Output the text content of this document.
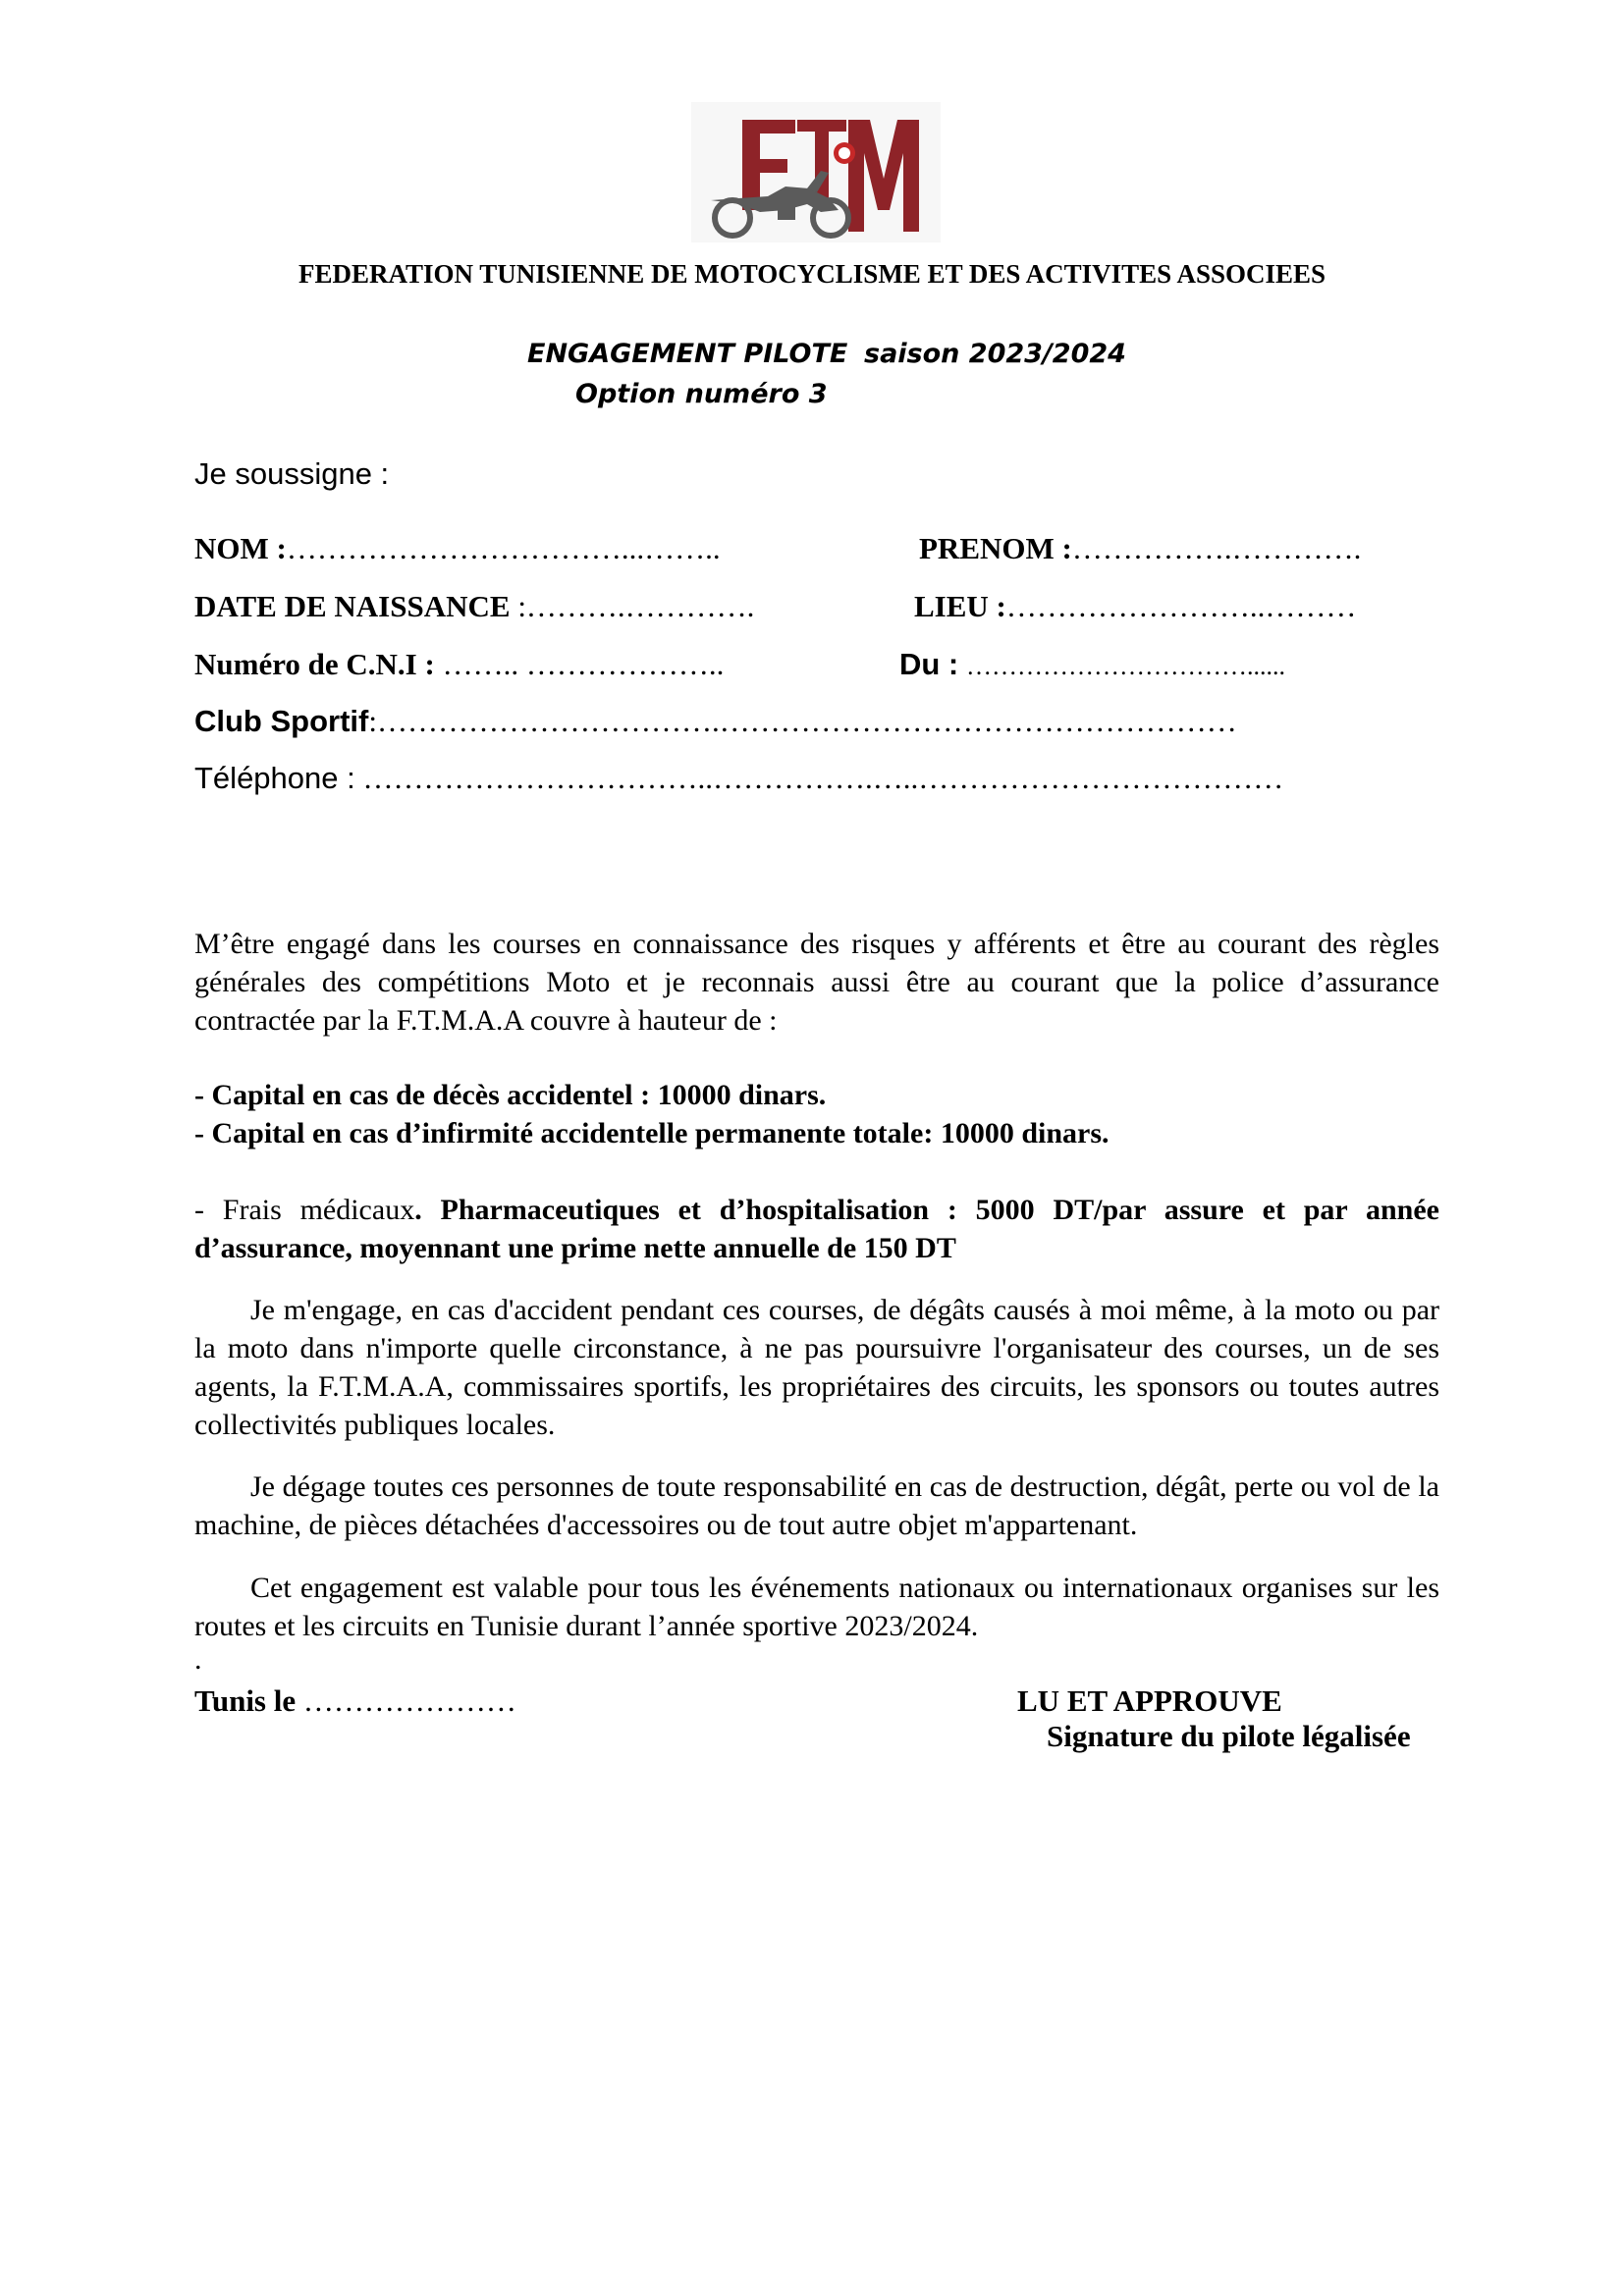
FEDERATION TUNISIENNE DE MOTOCYCLISME ET DES ACTIVITES ASSOCIEES
ENGAGEMENT PILOTE saison 2023/2024
Option numéro 3
Je soussigne :
NOM :……………………………...……..	PRENOM :…………….………….
DATE DE NAISSANCE :……….………….	LIEU :……………………..………
Numéro de C.N.I : …….. ………………..	Du : ……………………………......
Club Sportif:…………………………….……………………………………………
Téléphone : ……………………………..…………….…..………………………………

M’être engagé dans les courses en connaissance des risques y afférents et être au courant des règles générales des compétitions Moto et je reconnais aussi être au courant que la police d’assurance contractée par la F.T.M.A.A couvre à hauteur de :

- Capital en cas de décès accidentel : 10000 dinars.

- Capital en cas d’infirmité accidentelle permanente totale: 10000 dinars.

- Frais médicaux. Pharmaceutiques et d’hospitalisation : 5000 DT/par assure et par année d’assurance, moyennant une prime nette annuelle de 150 DT

Je m'engage, en cas d'accident pendant ces courses, de dégâts causés à moi même, à la moto ou par la moto dans n'importe quelle circonstance, à ne pas poursuivre l'organisateur des courses, un de ses agents, la F.T.M.A.A, commissaires sportifs, les propriétaires des circuits, les sponsors ou toutes autres collectivités publiques locales.

Je dégage toutes ces personnes de toute responsabilité en cas de destruction, dégât, perte ou vol de la machine, de pièces détachées d'accessoires ou de tout autre objet m'appartenant.

Cet engagement est valable pour tous les événements nationaux ou internationaux organises sur les routes et les circuits en Tunisie durant l’année sportive 2023/2024.

.
Tunis le …………………	LU ET APPROUVE
Signature du pilote légalisée
